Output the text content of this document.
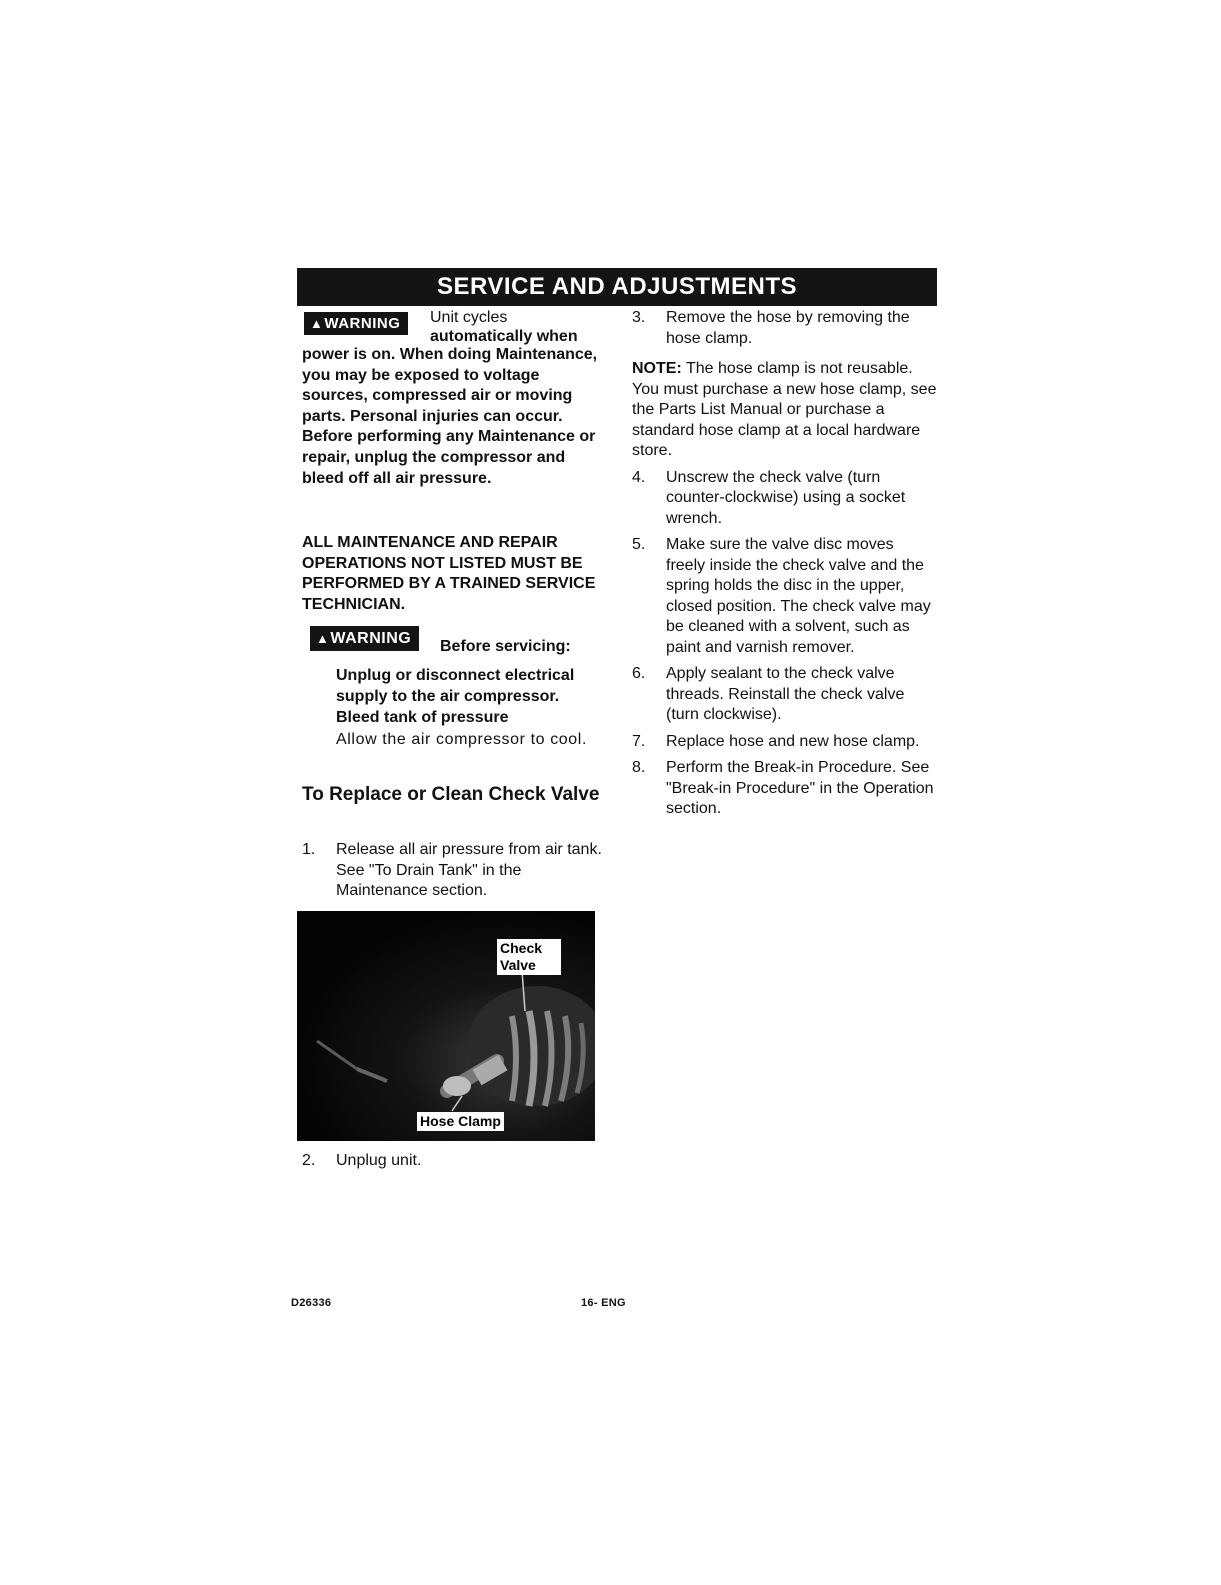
SERVICE AND ADJUSTMENTS
▲WARNING	Unit cycles
automatically when
power is on. When doing Maintenance, you may be exposed to voltage sources, compressed air or moving parts. Personal injuries can occur. Before performing any Maintenance or repair, unplug the compressor and bleed off all air pressure.
ALL MAINTENANCE AND REPAIR OPERATIONS NOT LISTED MUST BE PERFORMED BY A TRAINED SERVICE TECHNICIAN.
▲WARNING	Before servicing:
Unplug or disconnect electrical supply to the air compressor.
Bleed tank of pressure
Allow the air compressor to cool.
To Replace or Clean Check Valve
1. Release all air pressure from air tank. See "To Drain Tank" in the Maintenance section.
Check Valve
Hose Clamp
2. Unplug unit.
3. Remove the hose by removing the hose clamp.
NOTE: The hose clamp is not reusable. You must purchase a new hose clamp, see the Parts List Manual or purchase a standard hose clamp at a local hardware store.
4. Unscrew the check valve (turn counter-clockwise) using a socket wrench.
5. Make sure the valve disc moves freely inside the check valve and the spring holds the disc in the upper, closed position. The check valve may be cleaned with a solvent, such as paint and varnish remover.
6. Apply sealant to the check valve threads. Reinstall the check valve (turn clockwise).
7. Replace hose and new hose clamp.
8. Perform the Break-in Procedure. See "Break-in Procedure" in the Operation section.
D26336	16- ENG
